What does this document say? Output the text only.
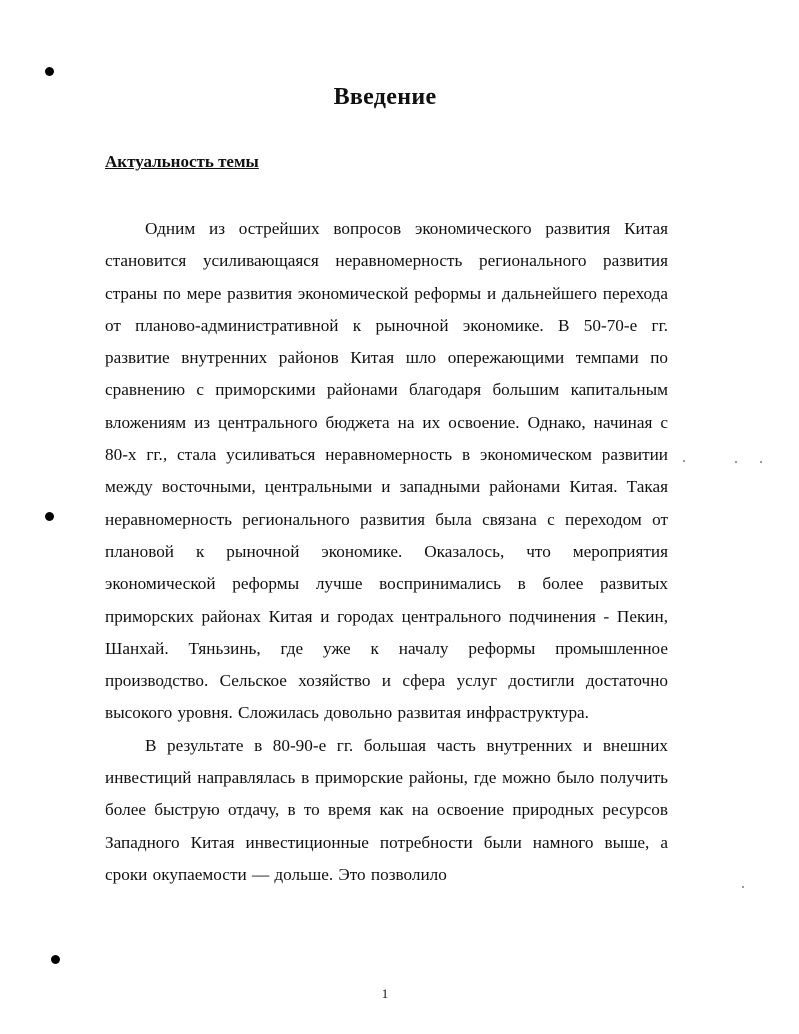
Введение
Актуальность темы

Одним из острейших вопросов экономического развития Китая становится усиливающаяся неравномерность регионального развития страны по мере развития экономической реформы и дальнейшего перехода от планово-административной к рыночной экономике. В 50-70-е гг. развитие внутренних районов Китая шло опережающими темпами по сравнению с приморскими районами благодаря большим капитальным вложениям из центрального бюджета на их освоение. Однако, начиная с 80-х гг., стала усиливаться неравномерность в экономическом развитии между восточными, центральными и западными районами Китая. Такая неравномерность регионального развития была связана с переходом от плановой к рыночной экономике. Оказалось, что мероприятия экономической реформы лучше воспринимались в более развитых приморских районах Китая и городах центрального подчинения - Пекин, Шанхай. Тяньзинь, где уже к началу реформы промышленное производство. Сельское хозяйство и сфера услуг достигли достаточно высокого уровня. Сложилась довольно развитая инфраструктура.

В результате в 80-90-е гг. большая часть внутренних и внешних инвестиций направлялась в приморские районы, где можно было получить более быструю отдачу, в то время как на освоение природных ресурсов Западного Китая инвестиционные потребности были намного выше, а сроки окупаемости — дольше. Это позволило

1
